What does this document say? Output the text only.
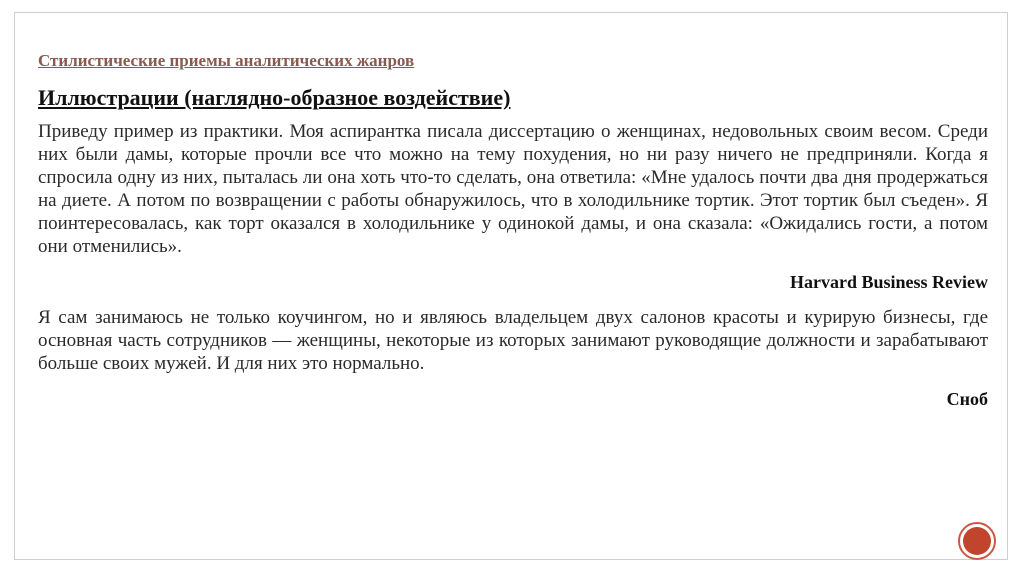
Стилистические приемы аналитических жанров

Иллюстрации (наглядно-образное воздействие)

Приведу пример из практики. Моя аспирантка писала диссертацию о женщинах, недовольных своим весом. Среди них были дамы, которые прочли все что можно на тему похудения, но ни разу ничего не предприняли. Когда я спросила одну из них, пыталась ли она хоть что-то сделать, она ответила: «Мне удалось почти два дня продержаться на диете. А потом по возвращении с работы обнаружилось, что в холодильнике тортик. Этот тортик был съеден». Я поинтересовалась, как торт оказался в холодильнике у одинокой дамы, и она сказала: «Ожидались гости, а потом они отменились».

Harvard Business Review

Я сам занимаюсь не только коучингом, но и являюсь владельцем двух салонов красоты и курирую бизнесы, где основная часть сотрудников — женщины, некоторые из которых занимают руководящие должности и зарабатывают больше своих мужей. И для них это нормально.

Сноб
